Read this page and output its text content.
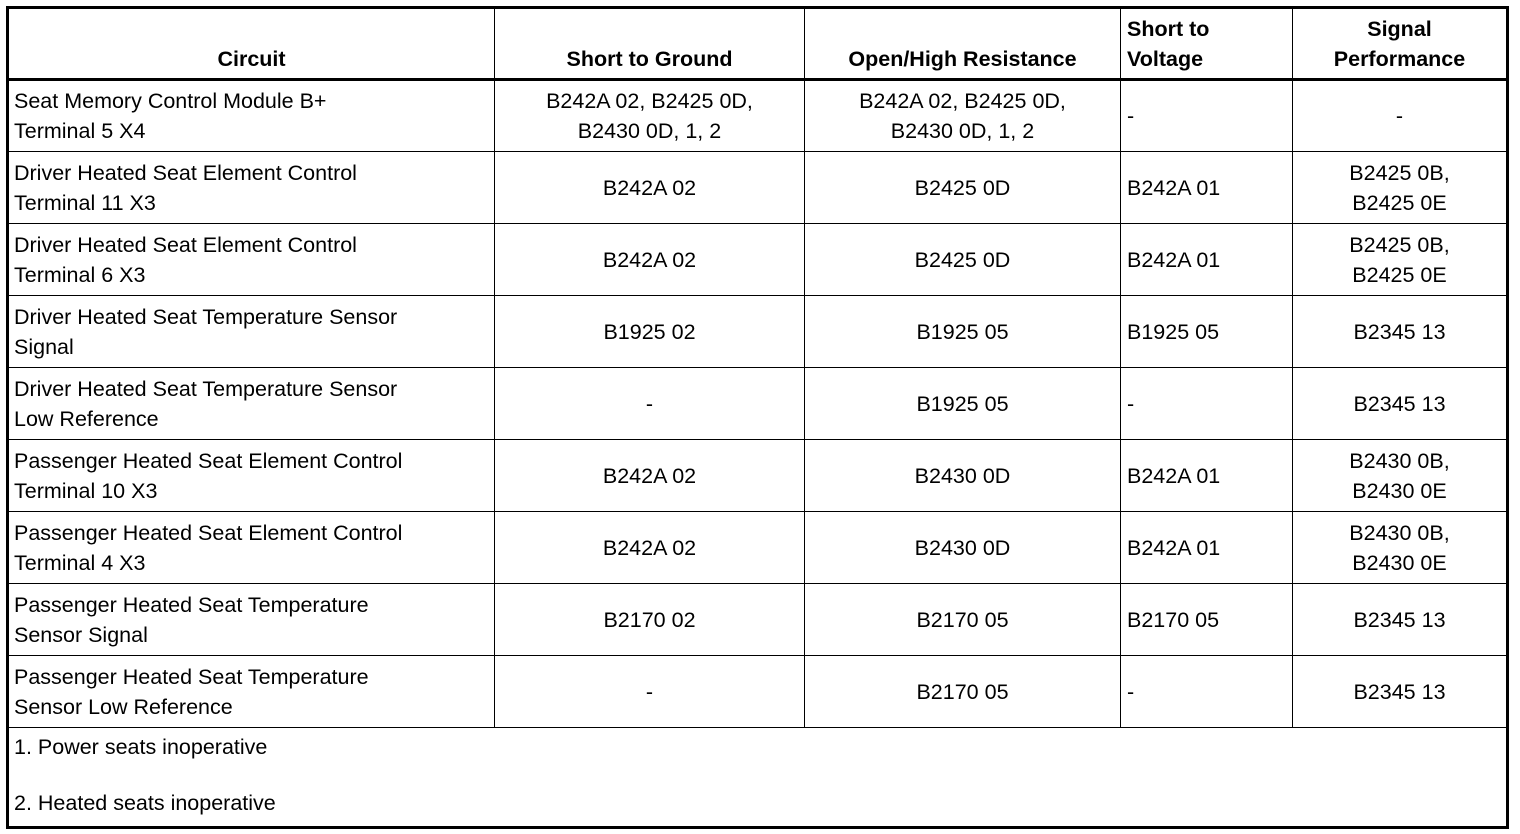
Circuit	Short to Ground	Open/High Resistance	Short to
Voltage	Signal
Performance

Seat Memory Control Module B+
Terminal 5 X4	B242A 02, B2425 0D,
B2430 0D, 1, 2	B242A 02, B2425 0D,
B2430 0D, 1, 2	-	-

Driver Heated Seat Element Control
Terminal 11 X3	B242A 02	B2425 0D	B242A 01	B2425 0B,
B2425 0E

Driver Heated Seat Element Control
Terminal 6 X3	B242A 02	B2425 0D	B242A 01	B2425 0B,
B2425 0E

Driver Heated Seat Temperature Sensor
Signal	B1925 02	B1925 05	B1925 05	B2345 13

Driver Heated Seat Temperature Sensor
Low Reference	-	B1925 05	-	B2345 13

Passenger Heated Seat Element Control
Terminal 10 X3	B242A 02	B2430 0D	B242A 01	B2430 0B,
B2430 0E

Passenger Heated Seat Element Control
Terminal 4 X3	B242A 02	B2430 0D	B242A 01	B2430 0B,
B2430 0E

Passenger Heated Seat Temperature
Sensor Signal	B2170 02	B2170 05	B2170 05	B2345 13

Passenger Heated Seat Temperature
Sensor Low Reference	-	B2170 05	-	B2345 13

1. Power seats inoperative
2. Heated seats inoperative				
